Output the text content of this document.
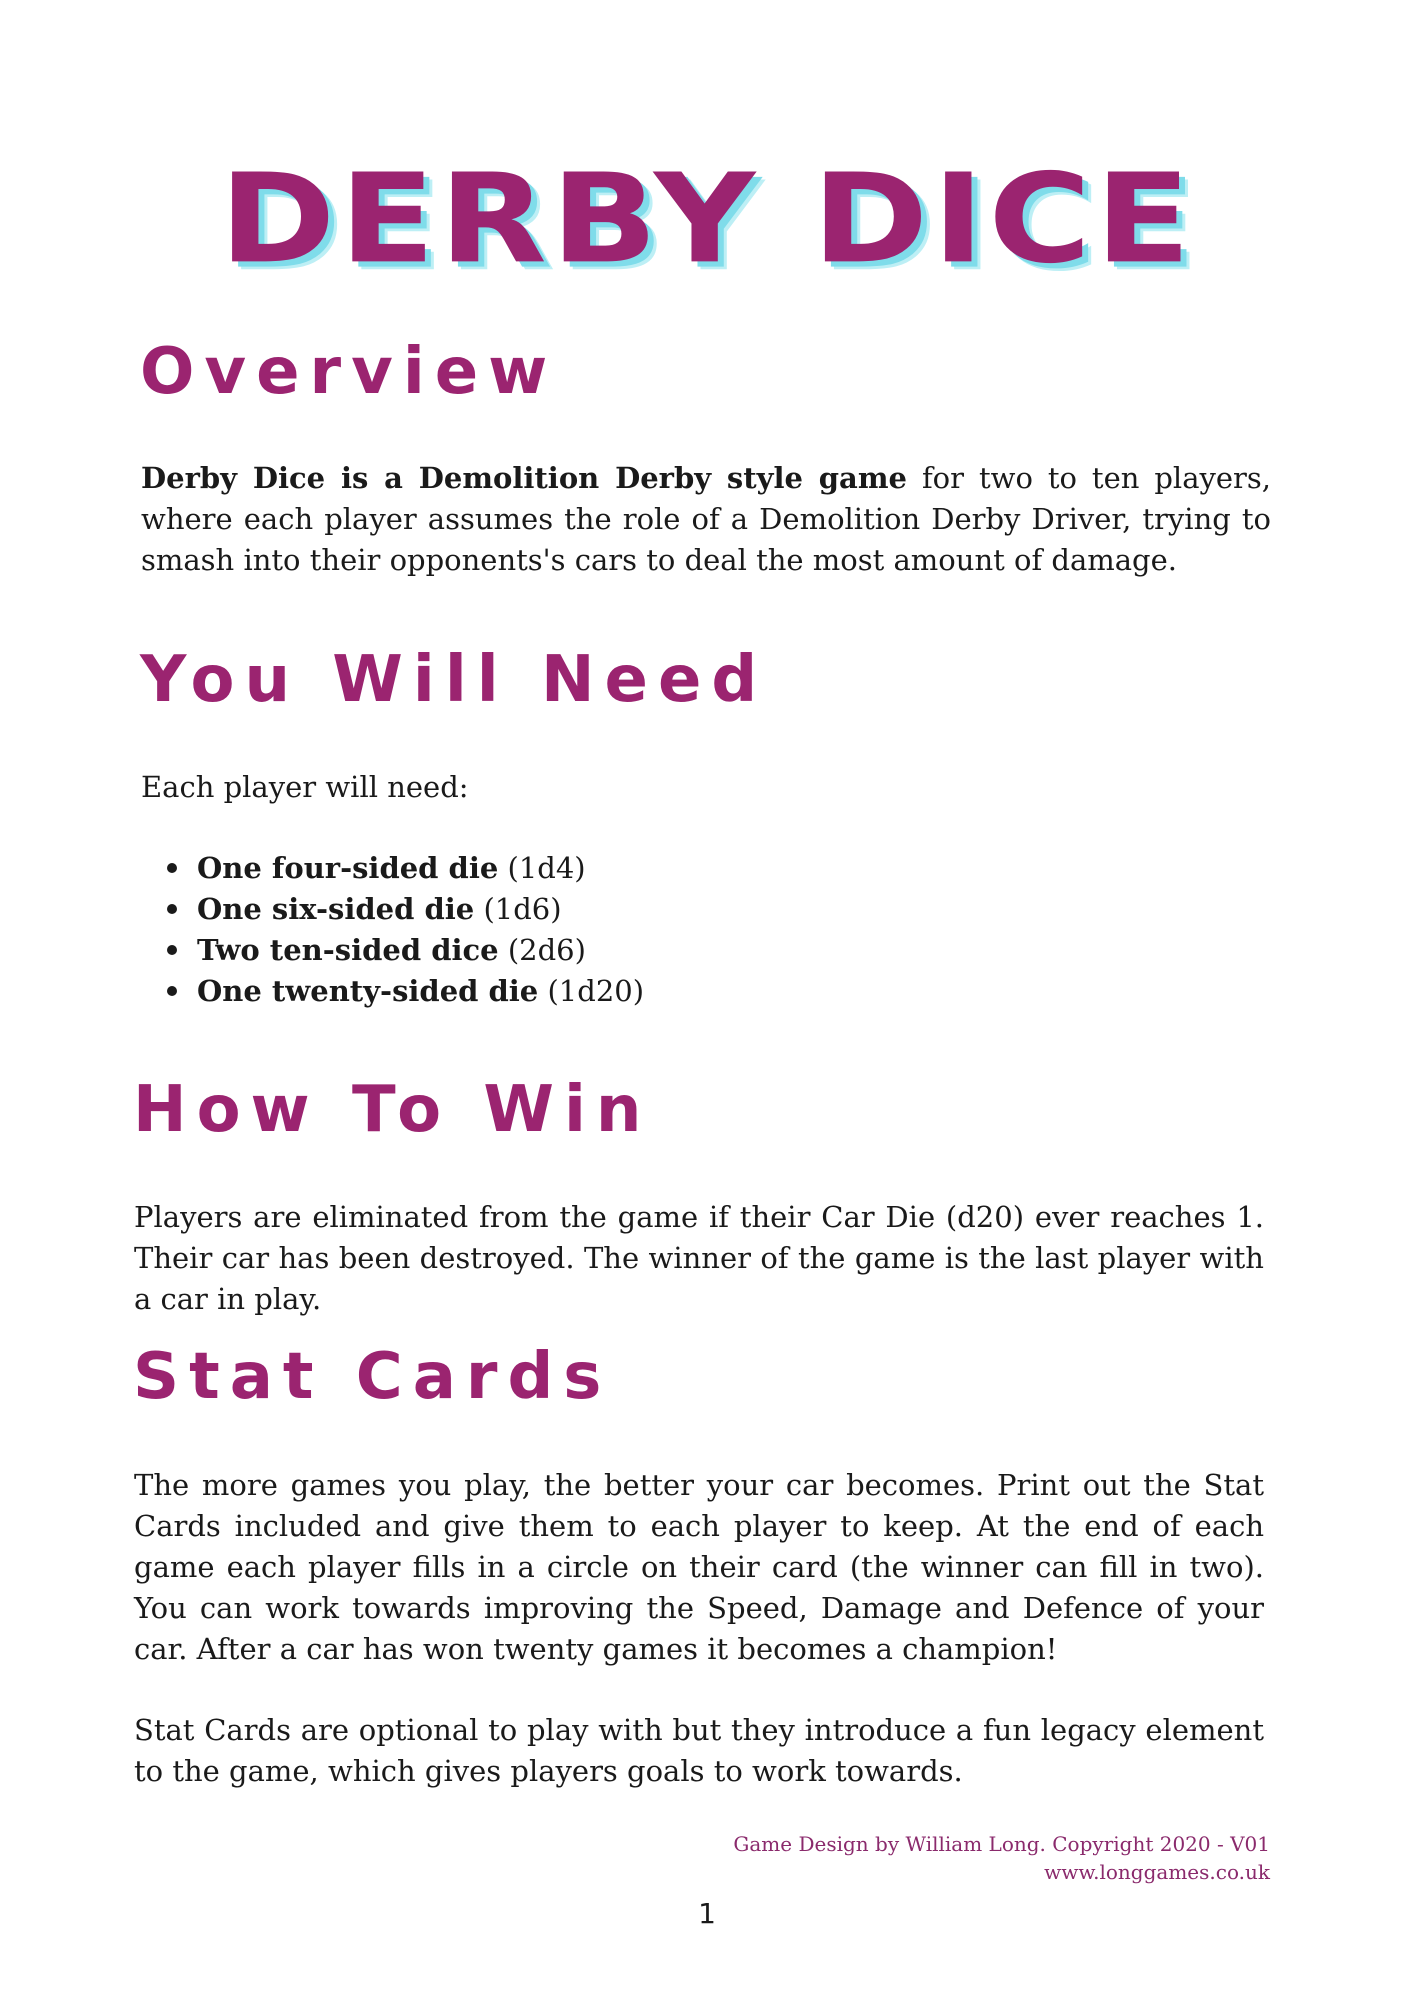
DERBY DICE
Overview

Derby Dice is a Demolition Derby style game for two to ten players, where each player assumes the role of a Demolition Derby Driver, trying to smash into their opponents's cars to deal the most amount of damage.

You Will Need

Each player will need:

One four-sided die (1d4)
One six-sided die (1d6)
Two ten-sided dice (2d6)
One twenty-sided die (1d20)
How To Win

Players are eliminated from the game if their Car Die (d20) ever reaches 1. Their car has been destroyed. The winner of the game is the last player with a car in play.

Stat Cards

The more games you play, the better your car becomes. Print out the Stat Cards included and give them to each player to keep. At the end of each game each player fills in a circle on their card (the winner can fill in two). You can work towards improving the Speed, Damage and Defence of your car. After a car has won twenty games it becomes a champion!

Stat Cards are optional to play with but they introduce a fun legacy element to the game, which gives players goals to work towards.

Game Design by William Long. Copyright 2020 - V01
www.longgames.co.uk
1
